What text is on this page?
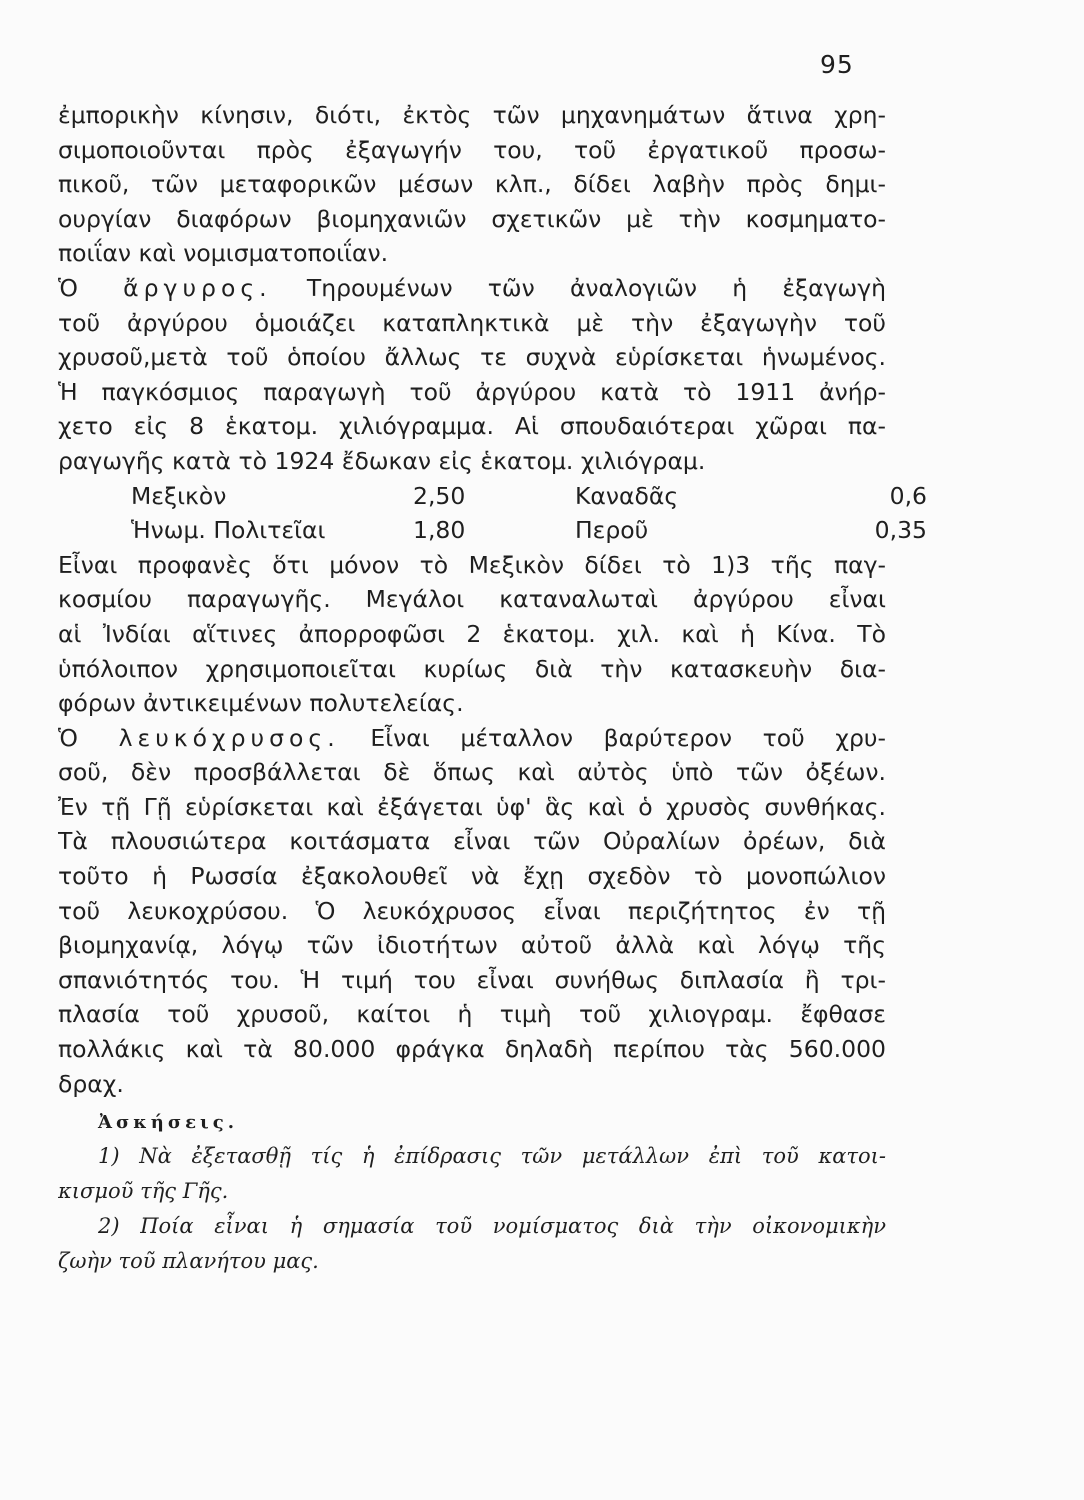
95
ἐμπορικὴν κίνησιν, διότι, ἐκτὸς τῶν μηχανημάτων ἅτινα χρη-
σιμοποιοῦνται πρὸς ἐξαγωγήν του, τοῦ ἐργατικοῦ προσω-
πικοῦ, τῶν μεταφορικῶν μέσων κλπ., δίδει λαβὴν πρὸς δημι-
ουργίαν διαφόρων βιομηχανιῶν σχετικῶν μὲ τὴν κοσμηματο-
ποιΐαν καὶ νομισματοποιΐαν.
Ὁ ἄργυρος. Τηρουμένων τῶν ἀναλογιῶν ἡ ἐξαγωγὴ
τοῦ ἀργύρου ὁμοιάζει καταπληκτικὰ μὲ τὴν ἐξαγωγὴν τοῦ
χρυσοῦ,μετὰ τοῦ ὁποίου ἄλλως τε συχνὰ εὑρίσκεται ἡνωμένος.
Ἡ παγκόσμιος παραγωγὴ τοῦ ἀργύρου κατὰ τὸ 1911 ἀνήρ-
χετο εἰς 8 ἑκατομ. χιλιόγραμμα. Αἱ σπουδαιότεραι χῶραι πα-
ραγωγῆς κατὰ τὸ 1924 ἔδωκαν εἰς ἑκατομ. χιλιόγραμ.
Μεξικὸν	2,50	Καναδᾶς	0,6
Ἡνωμ. Πολιτεῖαι	1,80	Περοῦ	0,35
Εἶναι προφανὲς ὅτι μόνον τὸ Μεξικὸν δίδει τὸ 1)3 τῆς παγ-
κοσμίου παραγωγῆς. Μεγάλοι καταναλωταὶ ἀργύρου εἶναι
αἱ Ἰνδίαι αἵτινες ἀπορροφῶσι 2 ἑκατομ. χιλ. καὶ ἡ Κίνα. Τὸ
ὑπόλοιπον χρησιμοποιεῖται κυρίως διὰ τὴν κατασκευὴν δια-
φόρων ἀντικειμένων πολυτελείας.
Ὁ λευκόχρυσος. Εἶναι μέταλλον βαρύτερον τοῦ χρυ-
σοῦ, δὲν προσβάλλεται δὲ ὅπως καὶ αὐτὸς ὑπὸ τῶν ὀξέων.
Ἐν τῇ Γῇ εὑρίσκεται καὶ ἐξάγεται ὑφ' ἃς καὶ ὁ χρυσὸς συνθήκας.
Τὰ πλουσιώτερα κοιτάσματα εἶναι τῶν Οὐραλίων ὀρέων, διὰ
τοῦτο ἡ Ρωσσία ἐξακολουθεῖ νὰ ἔχῃ σχεδὸν τὸ μονοπώλιον
τοῦ λευκοχρύσου. Ὁ λευκόχρυσος εἶναι περιζήτητος ἐν τῇ
βιομηχανίᾳ, λόγῳ τῶν ἰδιοτήτων αὐτοῦ ἀλλὰ καὶ λόγῳ τῆς
σπανιότητός του. Ἡ τιμή του εἶναι συνήθως διπλασία ἢ τρι-
πλασία τοῦ χρυσοῦ, καίτοι ἡ τιμὴ τοῦ χιλιογραμ. ἔφθασε
πολλάκις καὶ τὰ 80.000 φράγκα δηλαδὴ περίπου τὰς 560.000
δραχ.
Ἀσκήσεις.
1) Νὰ ἐξετασθῇ τίς ἡ ἐπίδρασις τῶν μετάλλων ἐπὶ τοῦ κατοι-
κισμοῦ τῆς Γῆς.
2) Ποία εἶναι ἡ σημασία τοῦ νομίσματος διὰ τὴν οἰκονομικὴν
ζωὴν τοῦ πλανήτου μας.
